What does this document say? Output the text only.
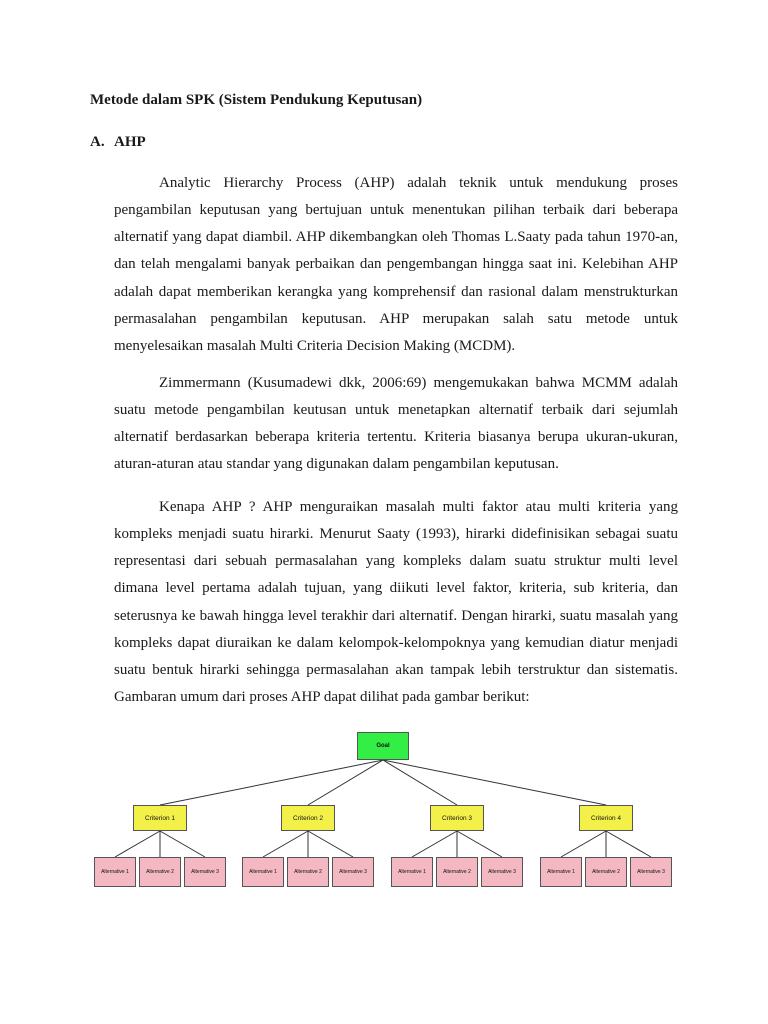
Metode dalam SPK (Sistem Pendukung Keputusan)
A. AHP

Analytic Hierarchy Process (AHP) adalah teknik untuk mendukung proses pengambilan keputusan yang bertujuan untuk menentukan pilihan terbaik dari beberapa alternatif yang dapat diambil. AHP dikembangkan oleh Thomas L.Saaty pada tahun 1970-an, dan telah mengalami banyak perbaikan dan pengembangan hingga saat ini. Kelebihan AHP adalah dapat memberikan kerangka yang komprehensif dan rasional dalam menstrukturkan permasalahan pengambilan keputusan. AHP merupakan salah satu metode untuk menyelesaikan masalah Multi Criteria Decision Making (MCDM).

Zimmermann (Kusumadewi dkk, 2006:69) mengemukakan bahwa MCMM adalah suatu metode pengambilan keutusan untuk menetapkan alternatif terbaik dari sejumlah alternatif berdasarkan beberapa kriteria tertentu. Kriteria biasanya berupa ukuran-ukuran, aturan-aturan atau standar yang digunakan dalam pengambilan keputusan.

Kenapa AHP ? AHP menguraikan masalah multi faktor atau multi kriteria yang kompleks menjadi suatu hirarki. Menurut Saaty (1993), hirarki didefinisikan sebagai suatu representasi dari sebuah permasalahan yang kompleks dalam suatu struktur multi level dimana level pertama adalah tujuan, yang diikuti level faktor, kriteria, sub kriteria, dan seterusnya ke bawah hingga level terakhir dari alternatif. Dengan hirarki, suatu masalah yang kompleks dapat diuraikan ke dalam kelompok-kelompoknya yang kemudian diatur menjadi suatu bentuk hirarki sehingga permasalahan akan tampak lebih terstruktur dan sistematis. Gambaran umum dari proses AHP dapat dilihat pada gambar berikut:

Alternative 1	Alternative 2	Alternative 3
Criterion 1
Alternative 1	Alternative 2	Alternative 3
Criterion 2
Alternative 1	Alternative 2	Alternative 3
Criterion 3
Alternative 1	Alternative 2	Alternative 3
Criterion 4
Goal
